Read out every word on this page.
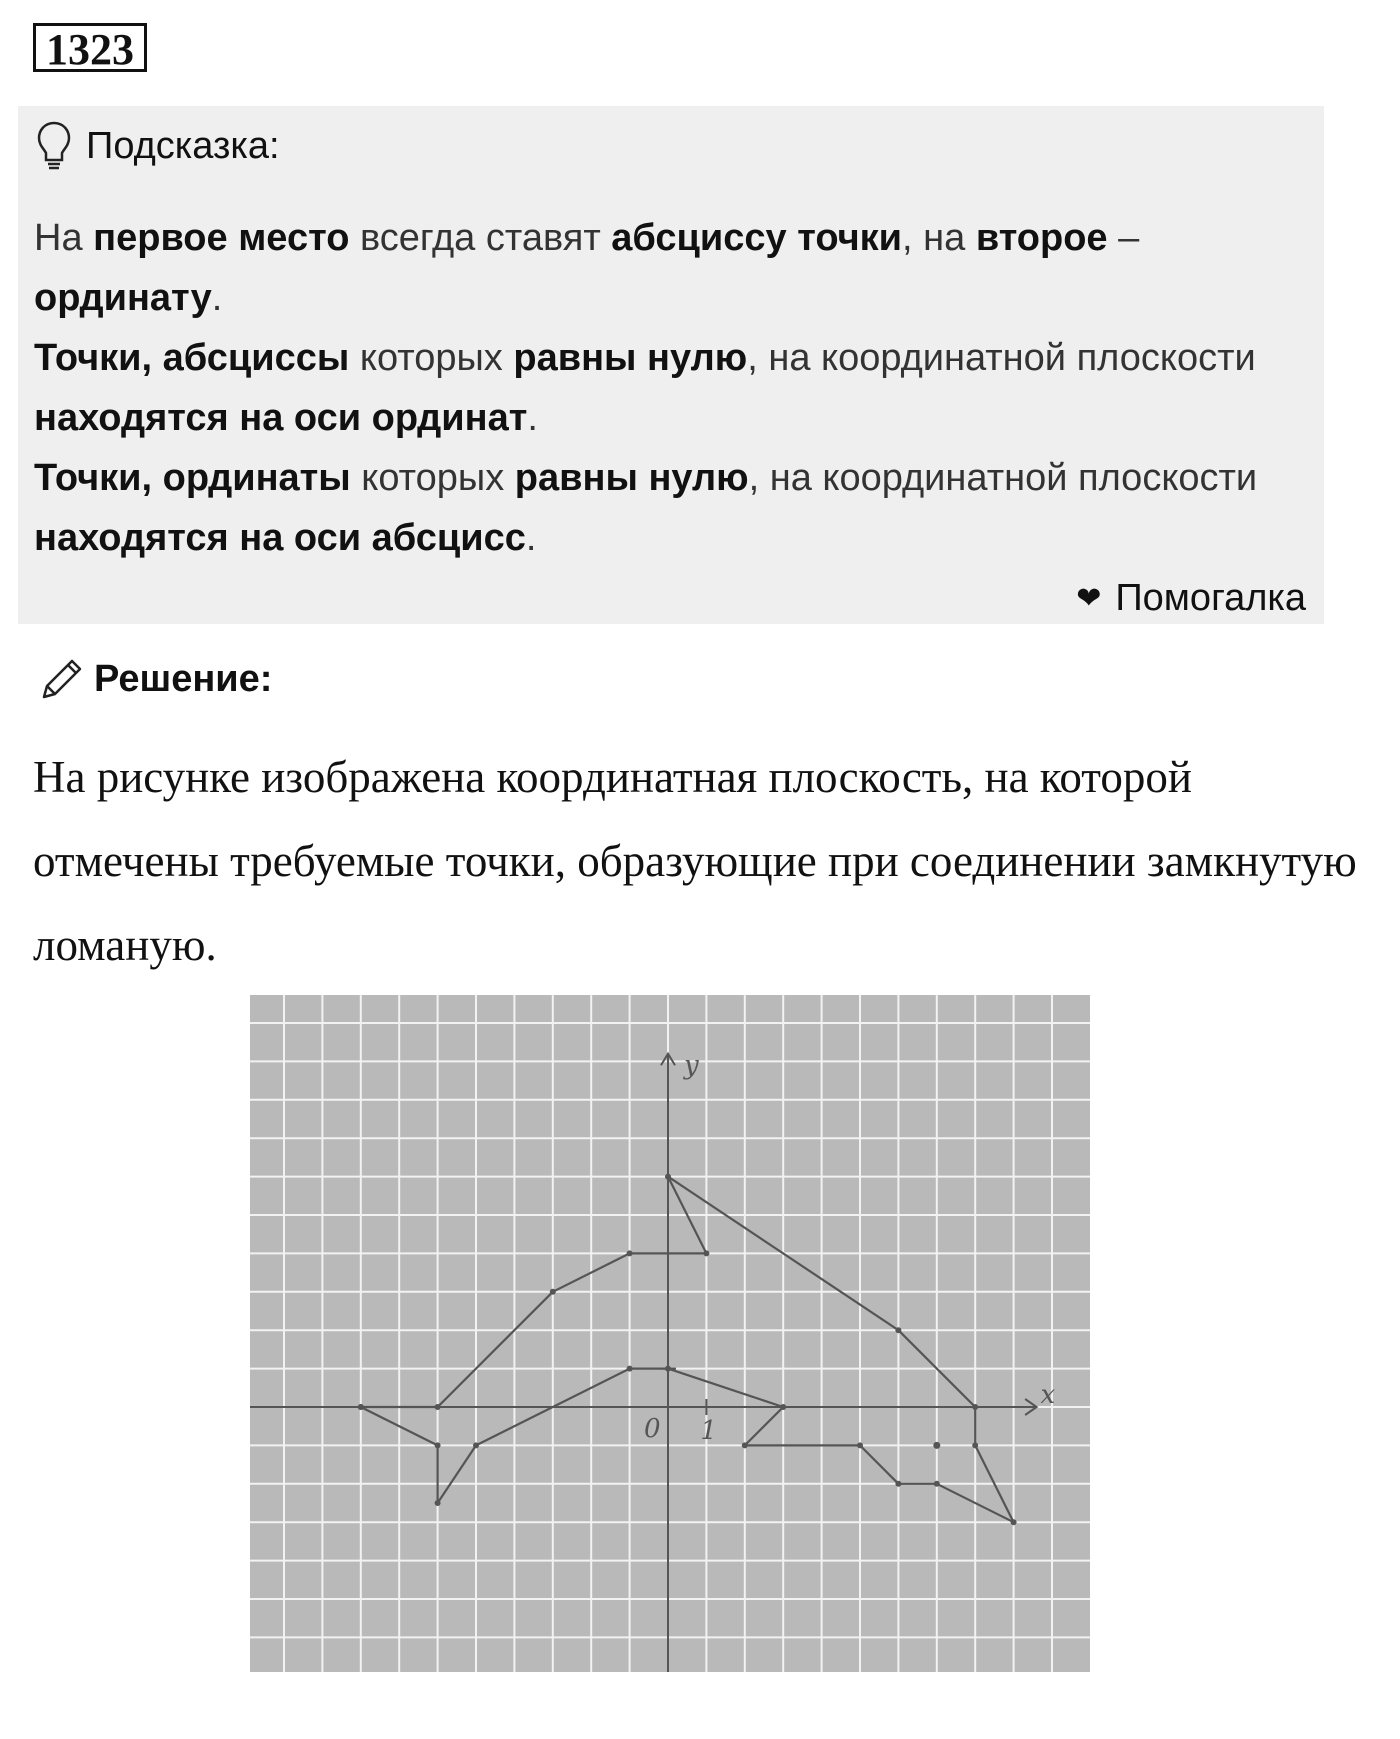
1323
Подсказка:
На первое место всегда ставят абсциссу точки, на второе – ординату.
Точки, абсциссы которых равны нулю, на координатной плоскости находятся на оси ординат.
Точки, ординаты которых равны нулю, на координатной плоскости находятся на оси абсцисс.
❤ Помогалка
Решение:
На рисунке изображена координатная плоскость, на которой отмечены требуемые точки, образующие при соединении замкнутую ломаную.
y
x
0 1
